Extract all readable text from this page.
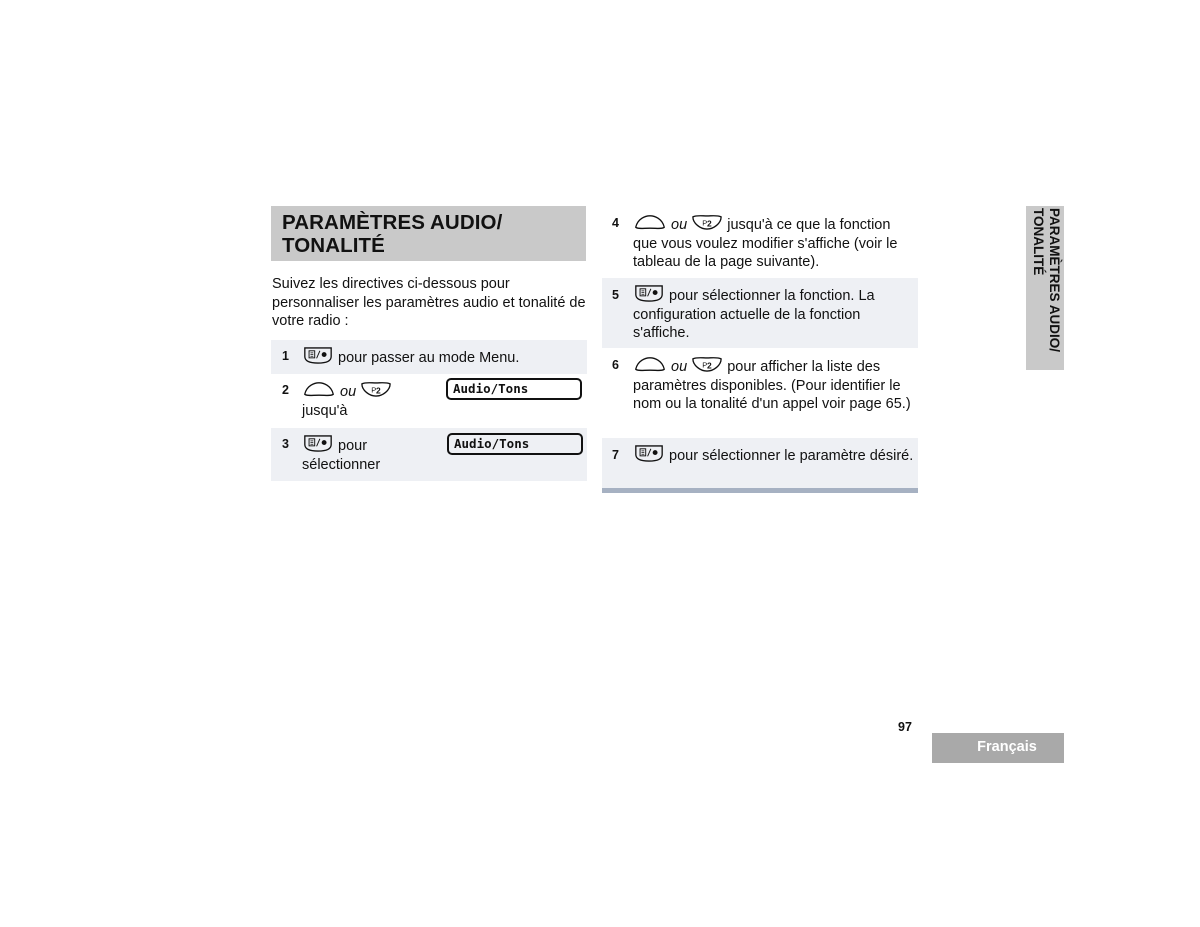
PARAMÈTRES AUDIO/
TONALITÉ
Suivez les directives ci-dessous pour personnaliser les paramètres audio et tonalité de votre radio :
1	pour passer au mode Menu.
2	ou

jusqu'à
Audio/Tons
3	pour
sélectionner
Audio/Tons
4	ou	jusqu'à ce que la fonction que vous voulez modifier s'affiche (voir le tableau de la page suivante).
5	pour sélectionner la fonction. La configuration actuelle de la fonction s'affiche.
6	ou	pour afficher la liste des paramètres disponibles. (Pour identifier le nom ou la tonalité d'un appel voir page 65.)
7	pour sélectionner le paramètre désiré.
PARAMÈTRES AUDIO/
TONALITÉ
97
Français
